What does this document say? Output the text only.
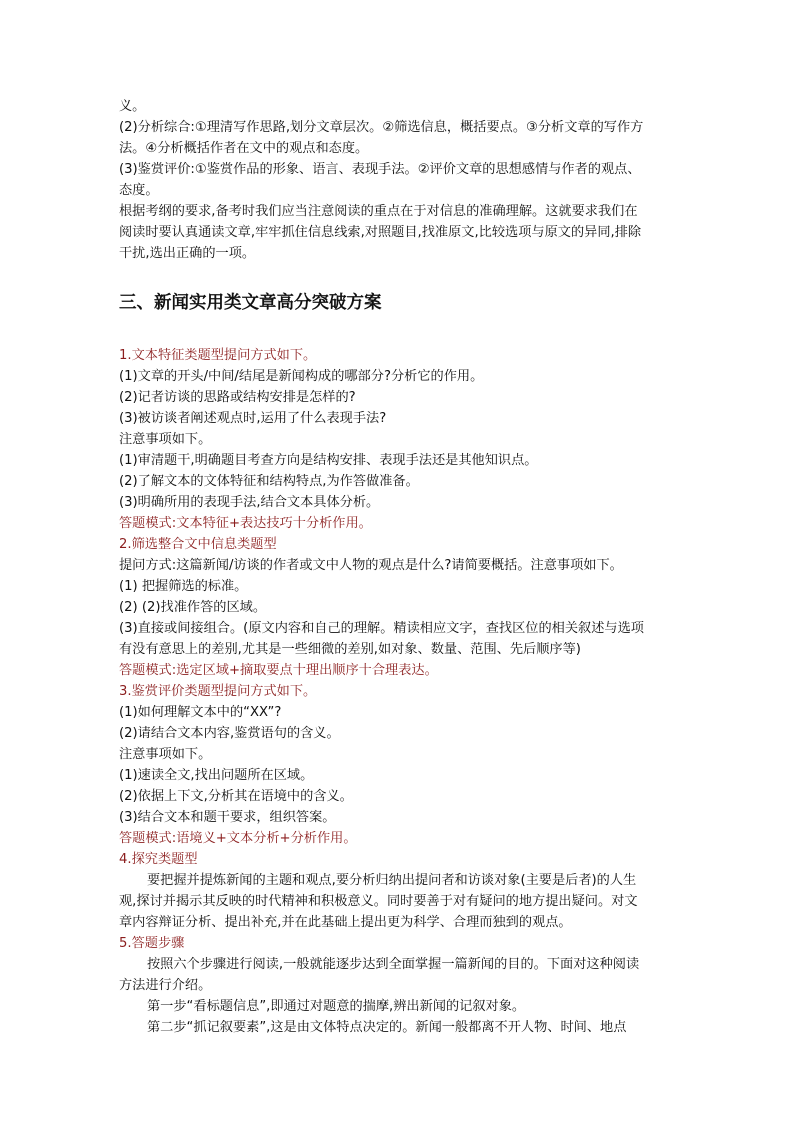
义。

(2)分析综合:①理清写作思路,划分文章层次。②筛选信息，概括要点。③分析文章的写作方

法。④分析概括作者在文中的观点和态度。

(3)鉴赏评价:①鉴赏作品的形象、语言、表现手法。②评价文章的思想感情与作者的观点、

态度。

根据考纲的要求,备考时我们应当注意阅读的重点在于对信息的准确理解。这就要求我们在

阅读时要认真通读文章,牢牢抓住信息线索,对照题目,找准原文,比较选项与原文的异同,排除

干扰,选出正确的一项。

三、新闻实用类文章高分突破方案

1.文本特征类题型提问方式如下。

(1)文章的开头/中间/结尾是新闻构成的哪部分?分析它的作用。

(2)记者访谈的思路或结构安排是怎样的?

(3)被访谈者阐述观点时,运用了什么表现手法?

注意事项如下。

(1)审清题干,明确题目考查方向是结构安排、表现手法还是其他知识点。

(2)了解文本的文体特征和结构特点,为作答做准备。

(3)明确所用的表现手法,结合文本具体分析。

答题模式:文本特征+表达技巧十分析作用。

2.筛选整合文中信息类题型

提问方式:这篇新闻/访谈的作者或文中人物的观点是什么?请简要概括。注意事项如下。

(1) 把握筛选的标准。

(2) (2)找准作答的区域。

(3)直接或间接组合。(原文内容和自己的理解。精读相应文字，查找区位的相关叙述与选项

有没有意思上的差别,尤其是一些细微的差别,如对象、数量、范围、先后顺序等)

答题模式:选定区域+摘取要点十理出顺序十合理表达。

3.鉴赏评价类题型提问方式如下。

(1)如何理解文本中的“XX”?

(2)请结合文本内容,鉴赏语句的含义。

注意事项如下。

(1)速读全文,找出问题所在区域。

(2)依据上下文,分析其在语境中的含义。

(3)结合文本和题干要求，组织答案。

答题模式:语境义+文本分析+分析作用。

4.探究类题型

要把握并提炼新闻的主题和观点,要分析归纳出提问者和访谈对象(主要是后者)的人生

观,探讨并揭示其反映的时代精神和积极意义。同时要善于对有疑问的地方提出疑问。对文

章内容辩证分析、提出补充,并在此基础上提出更为科学、合理而独到的观点。

5.答题步骤

按照六个步骤进行阅读,一般就能逐步达到全面掌握一篇新闻的目的。下面对这种阅读

方法进行介绍。

第一步“看标题信息”,即通过对题意的揣摩,辨出新闻的记叙对象。

第二步“抓记叙要素”,这是由文体特点决定的。新闻一般都离不开人物、时间、地点
